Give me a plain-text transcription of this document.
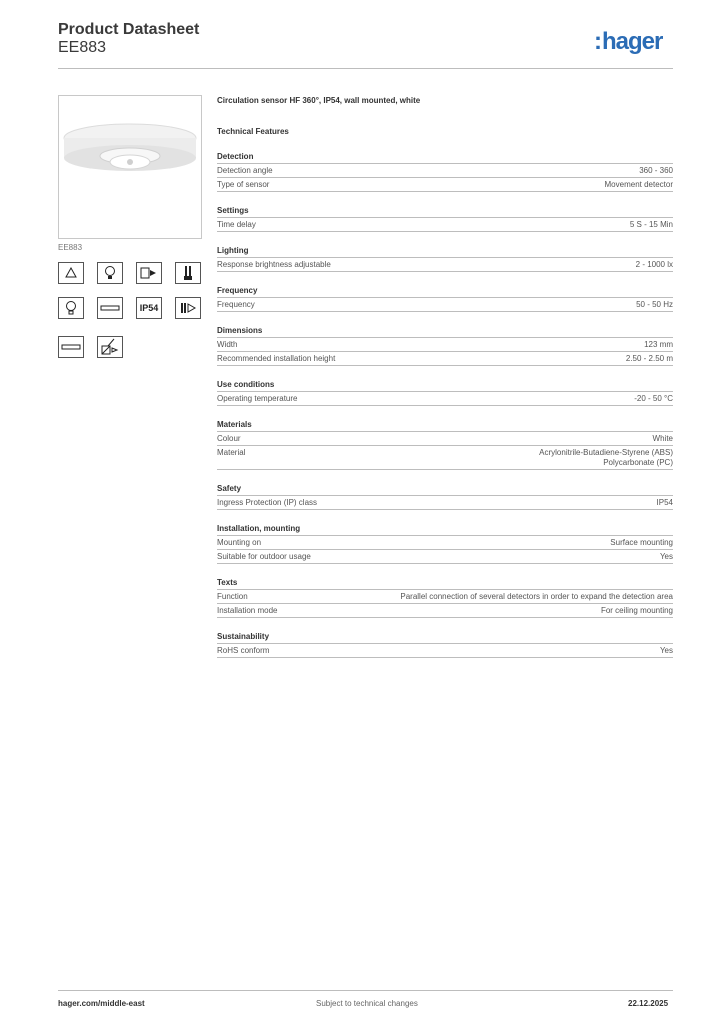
Product Datasheet
EE883	:hager
EE883
IP54
Circulation sensor HF 360°, IP54, wall mounted, white
Technical Features
Detection
Detection angle	360 - 360
Type of sensor	Movement detector
Settings
Time delay	5 S - 15 Min
Lighting
Response brightness adjustable	2 - 1000 lx
Frequency
Frequency	50 - 50 Hz
Dimensions
Width	123 mm
Recommended installation height	2.50 - 2.50 m
Use conditions
Operating temperature	-20 - 50 °C
Materials
Colour	White
Material	Acrylonitrile-Butadiene-Styrene (ABS)
Polycarbonate (PC)
Safety
Ingress Protection (IP) class	IP54
Installation, mounting
Mounting on	Surface mounting
Suitable for outdoor usage	Yes
Texts
Function	Parallel connection of several detectors in order to expand the detection area
Installation mode	For ceiling mounting
Sustainability
RoHS conform	Yes
hager.com/middle-east	Subject to technical changes	22.12.2025
